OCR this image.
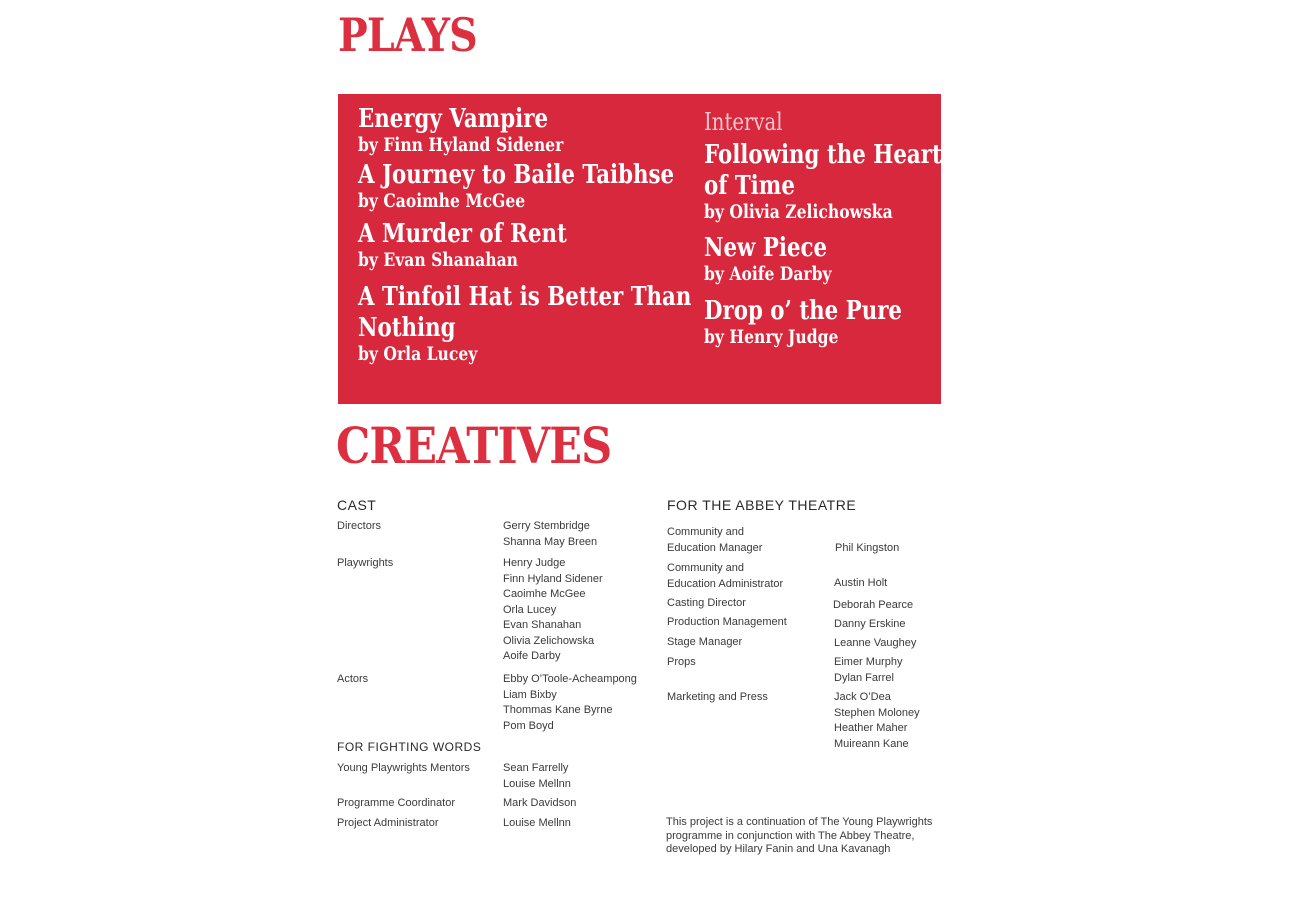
PLAYS
Energy Vampire
by Finn Hyland Sidener
A Journey to Baile Taibhse
by Caoimhe McGee
A Murder of Rent
by Evan Shanahan
A Tinfoil Hat is Better Than
Nothing
by Orla Lucey
Interval
Following the Heart
of Time
by Olivia Zelichowska
New Piece
by Aoife Darby
Drop o’ the Pure
by Henry Judge
CREATIVES
CAST
Directors	Gerry Stembridge
Shanna May Breen
Playwrights	Henry Judge
Finn Hyland Sidener
Caoimhe McGee
Orla Lucey
Evan Shanahan
Olivia Zelichowska
Aoife Darby
Actors	Ebby O’Toole-Acheampong
Liam Bixby
Thommas Kane Byrne
Pom Boyd
FOR FIGHTING WORDS
Young Playwrights Mentors	Sean Farrelly
Louise Mellnn
Programme Coordinator	Mark Davidson
Project Administrator	Louise Mellnn
FOR THE ABBEY THEATRE
Community and
Education Manager	Phil Kingston
Community and
Education Administrator	Austin Holt
Casting Director	Deborah Pearce
Production Management	Danny Erskine
Stage Manager	Leanne Vaughey
Props	Eimer Murphy
Dylan Farrel
Marketing and Press	Jack O’Dea
Stephen Moloney
Heather Maher
Muireann Kane
This project is a continuation of The Young Playwrights programme in conjunction with The Abbey Theatre, developed by Hilary Fanin and Una Kavanagh
